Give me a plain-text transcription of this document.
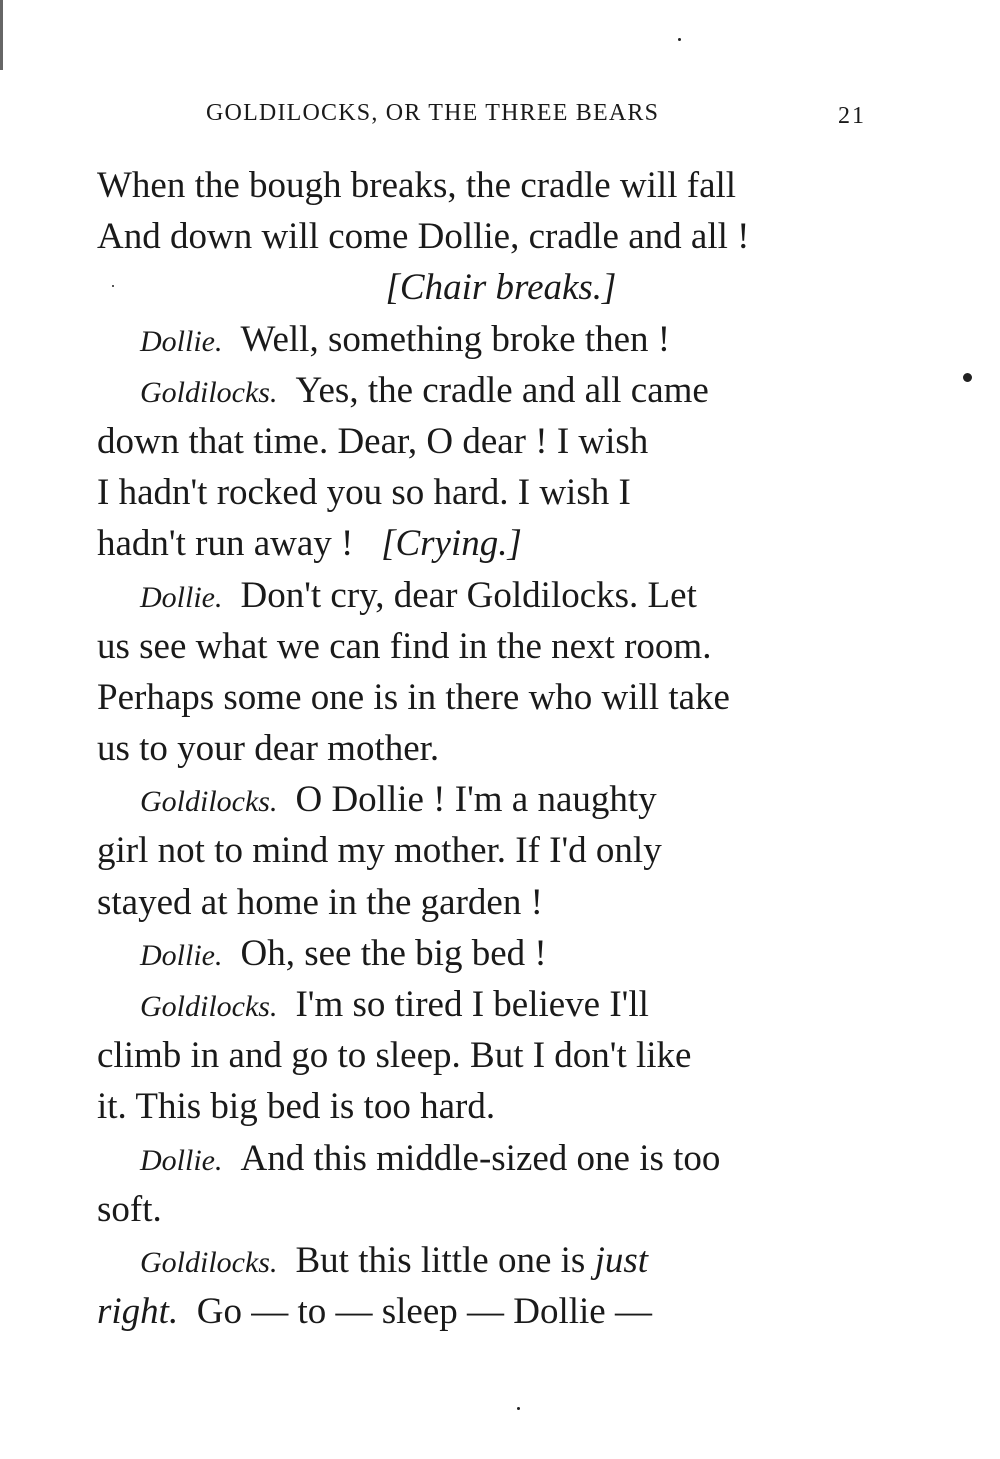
GOLDILOCKS, OR THE THREE BEARS	21
When the bough breaks, the cradle will fall
And down will come Dollie, cradle and all !
[Chair breaks.]
Dollie. Well, something broke then !
Goldilocks. Yes, the cradle and all came
down that time. Dear, O dear ! I wish
I hadn't rocked you so hard. I wish I
hadn't run away ! [Crying.]
Dollie. Don't cry, dear Goldilocks. Let
us see what we can find in the next room.
Perhaps some one is in there who will take
us to your dear mother.
Goldilocks. O Dollie ! I'm a naughty
girl not to mind my mother. If I'd only
stayed at home in the garden !
Dollie. Oh, see the big bed !
Goldilocks. I'm so tired I believe I'll
climb in and go to sleep. But I don't like
it. This big bed is too hard.
Dollie. And this middle-sized one is too
soft.
Goldilocks. But this little one is just
right. Go — to — sleep — Dollie —
